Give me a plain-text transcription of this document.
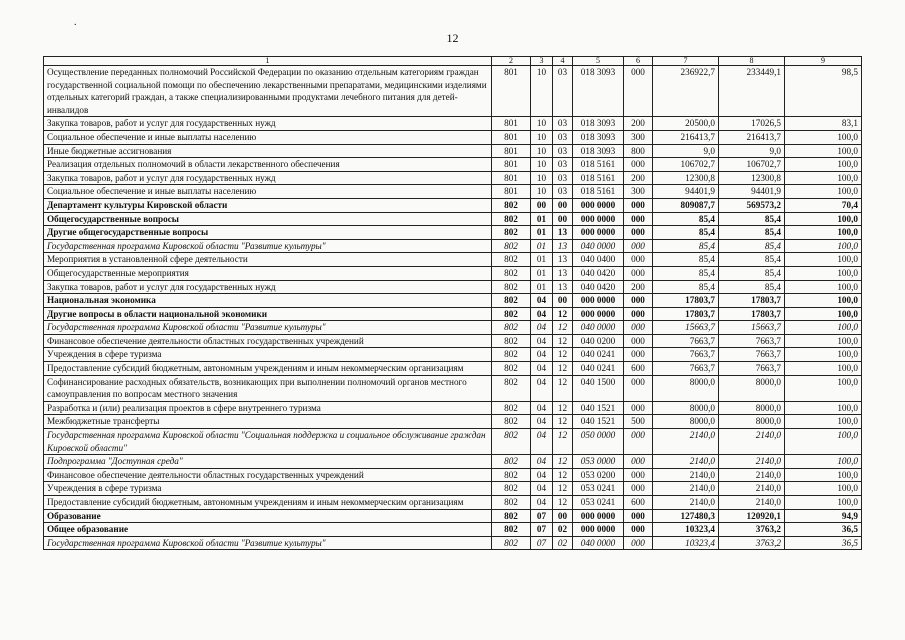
.
12
1	2	3	4	5	6	7	8	9
Осуществление переданных полномочий Российской Федерации по оказанию отдельным категориям граждан государственной социальной помощи по обеспечению лекарственными препаратами, медицинскими изделиями отдельных категорий граждан, а также специализированными продуктами лечебного питания для детей-инвалидов	801	10	03	018 3093	000	236922,7	233449,1	98,5
Закупка товаров, работ и услуг для государственных нужд	801	10	03	018 3093	200	20500,0	17026,5	83,1
Социальное обеспечение и иные выплаты населению	801	10	03	018 3093	300	216413,7	216413,7	100,0
Иные бюджетные ассигнования	801	10	03	018 3093	800	9,0	9,0	100,0
Реализация отдельных полномочий в области лекарственного обеспечения	801	10	03	018 5161	000	106702,7	106702,7	100,0
Закупка товаров, работ и услуг для государственных нужд	801	10	03	018 5161	200	12300,8	12300,8	100,0
Социальное обеспечение и иные выплаты населению	801	10	03	018 5161	300	94401,9	94401,9	100,0
Департамент культуры Кировской области	802	00	00	000 0000	000	809087,7	569573,2	70,4
Общегосударственные вопросы	802	01	00	000 0000	000	85,4	85,4	100,0
Другие общегосударственные вопросы	802	01	13	000 0000	000	85,4	85,4	100,0
Государственная программа Кировской области "Развитие культуры"	802	01	13	040 0000	000	85,4	85,4	100,0
Мероприятия в установленной сфере деятельности	802	01	13	040 0400	000	85,4	85,4	100,0
Общегосударственные мероприятия	802	01	13	040 0420	000	85,4	85,4	100,0
Закупка товаров, работ и услуг для государственных нужд	802	01	13	040 0420	200	85,4	85,4	100,0
Национальная экономика	802	04	00	000 0000	000	17803,7	17803,7	100,0
Другие вопросы в области национальной экономики	802	04	12	000 0000	000	17803,7	17803,7	100,0
Государственная программа Кировской области "Развитие культуры"	802	04	12	040 0000	000	15663,7	15663,7	100,0
Финансовое обеспечение деятельности областных государственных учреждений	802	04	12	040 0200	000	7663,7	7663,7	100,0
Учреждения в сфере туризма	802	04	12	040 0241	000	7663,7	7663,7	100,0
Предоставление субсидий бюджетным, автономным учреждениям и иным некоммерческим организациям	802	04	12	040 0241	600	7663,7	7663,7	100,0
Софинансирование расходных обязательств, возникающих при выполнении полномочий органов местного самоуправления по вопросам местного значения	802	04	12	040 1500	000	8000,0	8000,0	100,0
Разработка и (или) реализация проектов в сфере внутреннего туризма	802	04	12	040 1521	000	8000,0	8000,0	100,0
Межбюджетные трансферты	802	04	12	040 1521	500	8000,0	8000,0	100,0
Государственная программа Кировской области "Социальная поддержка и социальное обслуживание граждан Кировской области"	802	04	12	050 0000	000	2140,0	2140,0	100,0
Подпрограмма "Доступная среда"	802	04	12	053 0000	000	2140,0	2140,0	100,0
Финансовое обеспечение деятельности областных государственных учреждений	802	04	12	053 0200	000	2140,0	2140,0	100,0
Учреждения в сфере туризма	802	04	12	053 0241	000	2140,0	2140,0	100,0
Предоставление субсидий бюджетным, автономным учреждениям и иным некоммерческим организациям	802	04	12	053 0241	600	2140,0	2140,0	100,0
Образование	802	07	00	000 0000	000	127480,3	120920,1	94,9
Общее образование	802	07	02	000 0000	000	10323,4	3763,2	36,5
Государственная программа Кировской области "Развитие культуры"	802	07	02	040 0000	000	10323,4	3763,2	36,5
